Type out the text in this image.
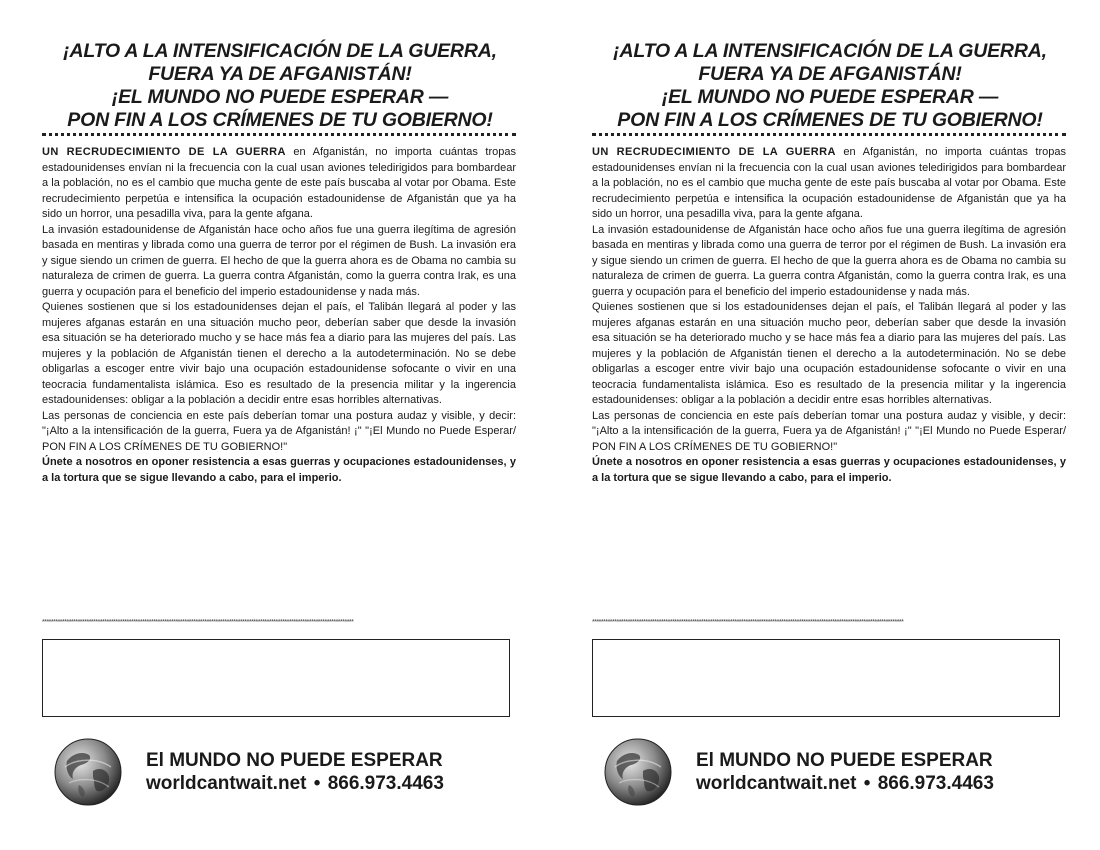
¡ALTO A LA INTENSIFICACIÓN DE LA GUERRA,
FUERA YA DE AFGANISTÁN!
¡EL MUNDO NO PUEDE ESPERAR —
PON FIN A LOS CRÍMENES DE TU GOBIERNO!

UN RECRUDECIMIENTO DE LA GUERRA en Afganistán, no importa cuántas tropas estadounidenses envían ni la frecuencia con la cual usan aviones teledirigidos para bombardear a la población, no es el cambio que mucha gente de este país buscaba al votar por Obama. Este recrudecimiento perpetúa e intensifica la ocupación estadounidense de Afganistán que ya ha sido un horror, una pesadilla viva, para la gente afgana.

La invasión estadounidense de Afganistán hace ocho años fue una guerra ilegítima de agresión basada en mentiras y librada como una guerra de terror por el régimen de Bush. La invasión era y sigue siendo un crimen de guerra. El hecho de que la guerra ahora es de Obama no cambia su naturaleza de crimen de guerra. La guerra contra Afganistán, como la guerra contra Irak, es una guerra y ocupación para el beneficio del imperio estadounidense y nada más.

Quienes sostienen que si los estadounidenses dejan el país, el Talibán llegará al poder y las mujeres afganas estarán en una situación mucho peor, deberían saber que desde la invasión esa situación se ha deteriorado mucho y se hace más fea a diario para las mujeres del país. Las mujeres y la población de Afganistán tienen el derecho a la autodeterminación. No se debe obligarlas a escoger entre vivir bajo una ocupación estadounidense sofocante o vivir en una teocracia fundamentalista islámica. Eso es resultado de la presencia militar y la ingerencia estadounidenses: obligar a la población a decidir entre esas horribles alternativas.

Las personas de conciencia en este país deberían tomar una postura audaz y visible, y decir: "¡Alto a la intensificación de la guerra, Fuera ya de Afganistán! ¡" "¡El Mundo no Puede Esperar/ PON FIN A LOS CRÍMENES DE TU GOBIERNO!"

Únete a nosotros en oponer resistencia a esas guerras y ocupaciones estadounidenses, y a la tortura que se sigue llevando a cabo, para el imperio.

********************************************************************************************************************************************
El MUNDO NO PUEDE ESPERAR
worldcantwait.net • 866.973.4463
¡ALTO A LA INTENSIFICACIÓN DE LA GUERRA,
FUERA YA DE AFGANISTÁN!
¡EL MUNDO NO PUEDE ESPERAR —
PON FIN A LOS CRÍMENES DE TU GOBIERNO!

UN RECRUDECIMIENTO DE LA GUERRA en Afganistán, no importa cuántas tropas estadounidenses envían ni la frecuencia con la cual usan aviones teledirigidos para bombardear a la población, no es el cambio que mucha gente de este país buscaba al votar por Obama. Este recrudecimiento perpetúa e intensifica la ocupación estadounidense de Afganistán que ya ha sido un horror, una pesadilla viva, para la gente afgana.

La invasión estadounidense de Afganistán hace ocho años fue una guerra ilegítima de agresión basada en mentiras y librada como una guerra de terror por el régimen de Bush. La invasión era y sigue siendo un crimen de guerra. El hecho de que la guerra ahora es de Obama no cambia su naturaleza de crimen de guerra. La guerra contra Afganistán, como la guerra contra Irak, es una guerra y ocupación para el beneficio del imperio estadounidense y nada más.

Quienes sostienen que si los estadounidenses dejan el país, el Talibán llegará al poder y las mujeres afganas estarán en una situación mucho peor, deberían saber que desde la invasión esa situación se ha deteriorado mucho y se hace más fea a diario para las mujeres del país. Las mujeres y la población de Afganistán tienen el derecho a la autodeterminación. No se debe obligarlas a escoger entre vivir bajo una ocupación estadounidense sofocante o vivir en una teocracia fundamentalista islámica. Eso es resultado de la presencia militar y la ingerencia estadounidenses: obligar a la población a decidir entre esas horribles alternativas.

Las personas de conciencia en este país deberían tomar una postura audaz y visible, y decir: "¡Alto a la intensificación de la guerra, Fuera ya de Afganistán! ¡" "¡El Mundo no Puede Esperar/ PON FIN A LOS CRÍMENES DE TU GOBIERNO!"

Únete a nosotros en oponer resistencia a esas guerras y ocupaciones estadounidenses, y a la tortura que se sigue llevando a cabo, para el imperio.

********************************************************************************************************************************************
El MUNDO NO PUEDE ESPERAR
worldcantwait.net • 866.973.4463
